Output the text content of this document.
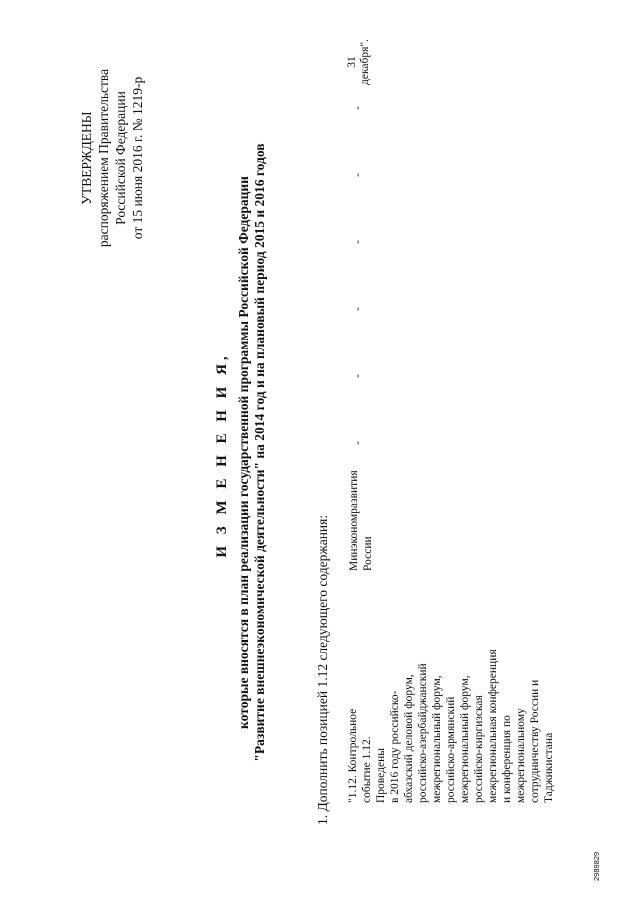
УТВЕРЖДЕНЫ распоряжением Правительства Российской Федерации от 15 июня 2016 г. № 1219-р
И З М Е Н Е Н И Я, которые вносятся в план реализации государственной программы Российской Федерации "Развитие внешнеэкономической деятельности" на 2014 год и на плановый период 2015 и 2016 годов	1. Дополнить позицией 1.12 следующего содержания: "1.12. Контрольное событие 1.12. Проведены в 2016 году российско- абхазский деловой форум, российско-азербайджанский межрегиональный форум, российско-армянский межрегиональный форум, российско-киргизская межрегиональная конференция и конференция по межрегиональному сотрудничеству России и Таджикистана
Минэкономразвития России
-
-
-
-
-
-
31 декабря".
2989829
